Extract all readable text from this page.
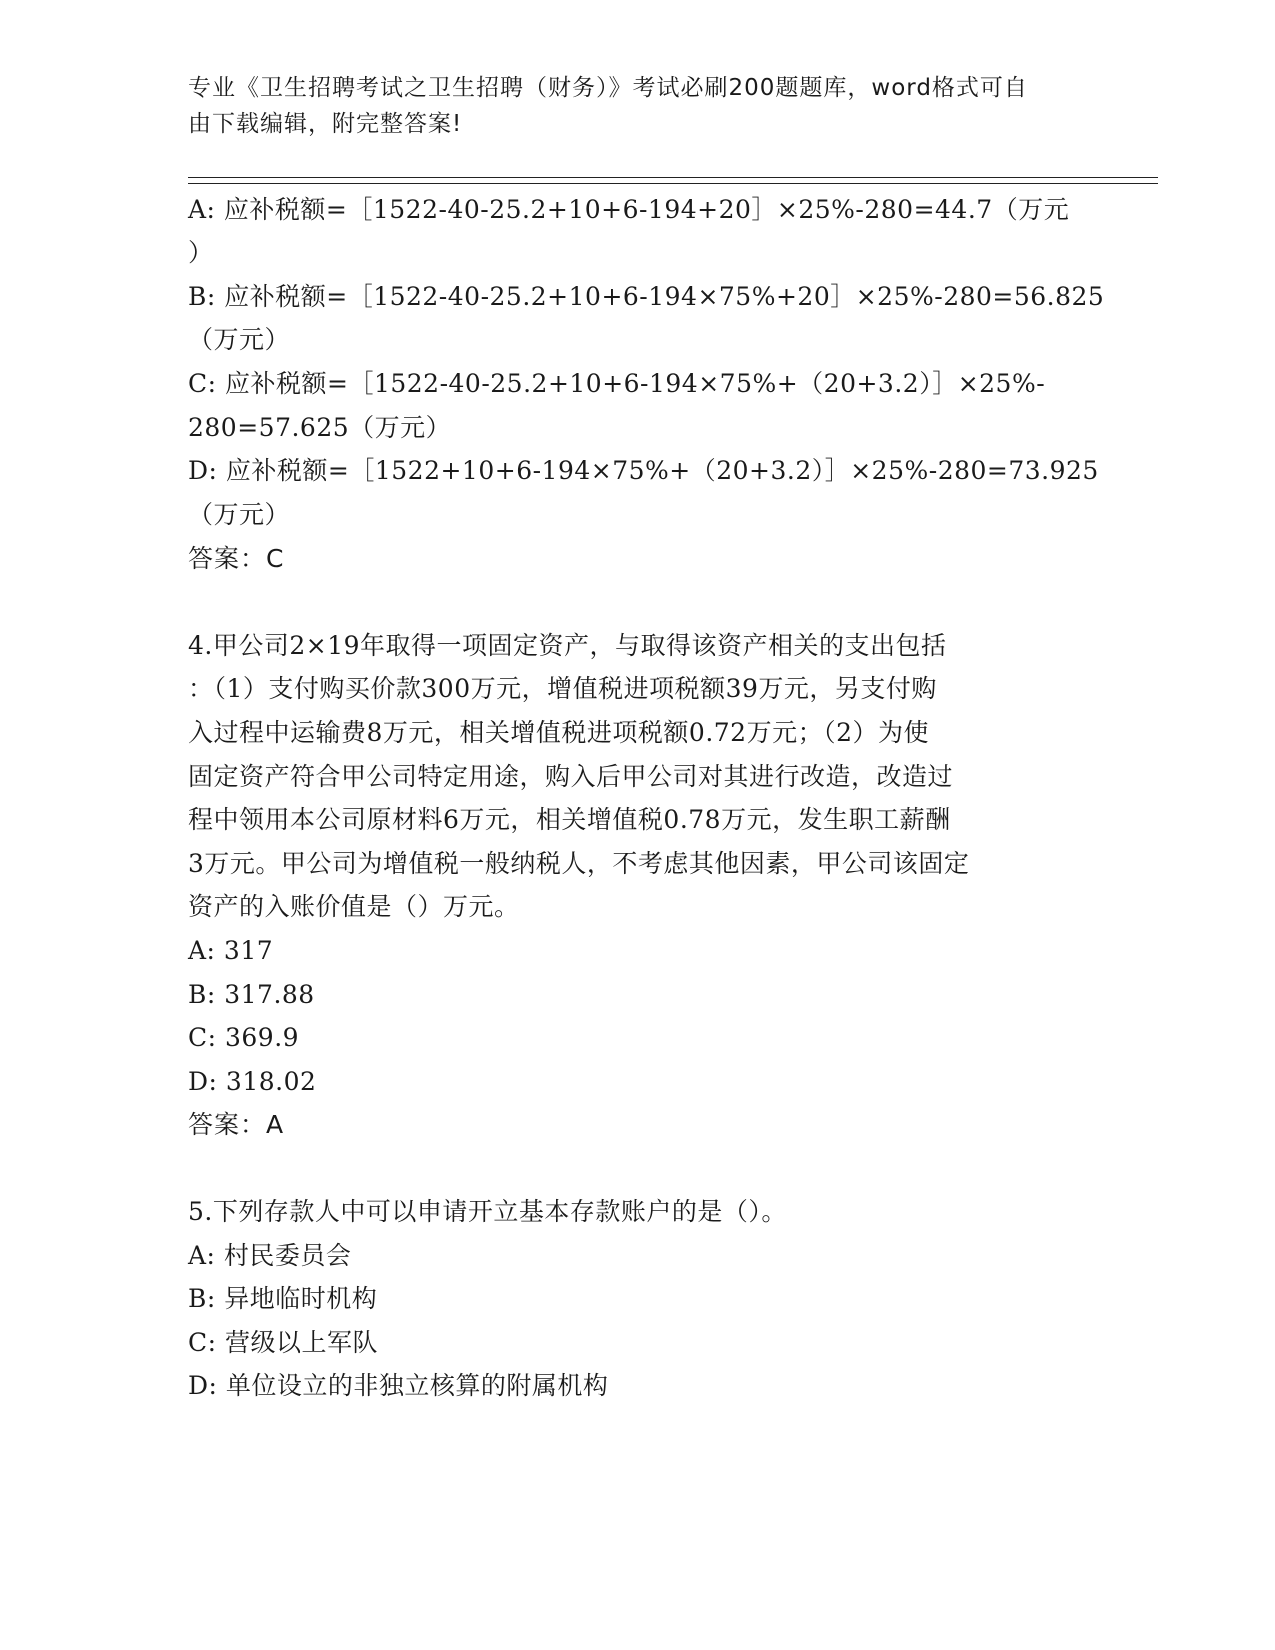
专业《卫生招聘考试之卫生招聘（财务）》考试必刷200题题库，word格式可自
由下载编辑，附完整答案!
A: 应补税额=［1522-40-25.2+10+6-194+20］×25%-280=44.7（万元
）
B: 应补税额=［1522-40-25.2+10+6-194×75%+20］×25%-280=56.825
（万元）
C: 应补税额=［1522-40-25.2+10+6-194×75%+（20+3.2）］×25%-
280=57.625（万元）
D: 应补税额=［1522+10+6-194×75%+（20+3.2）］×25%-280=73.925
（万元）
答案：C
4.甲公司2×19年取得一项固定资产，与取得该资产相关的支出包括
：（1）支付购买价款300万元，增值税进项税额39万元，另支付购
入过程中运输费8万元，相关增值税进项税额0.72万元；（2）为使
固定资产符合甲公司特定用途，购入后甲公司对其进行改造，改造过
程中领用本公司原材料6万元，相关增值税0.78万元，发生职工薪酬
3万元。甲公司为增值税一般纳税人，不考虑其他因素，甲公司该固定
资产的入账价值是（）万元。
A: 317
B: 317.88
C: 369.9
D: 318.02
答案：A
5.下列存款人中可以申请开立基本存款账户的是（）。
A: 村民委员会
B: 异地临时机构
C: 营级以上军队
D: 单位设立的非独立核算的附属机构
